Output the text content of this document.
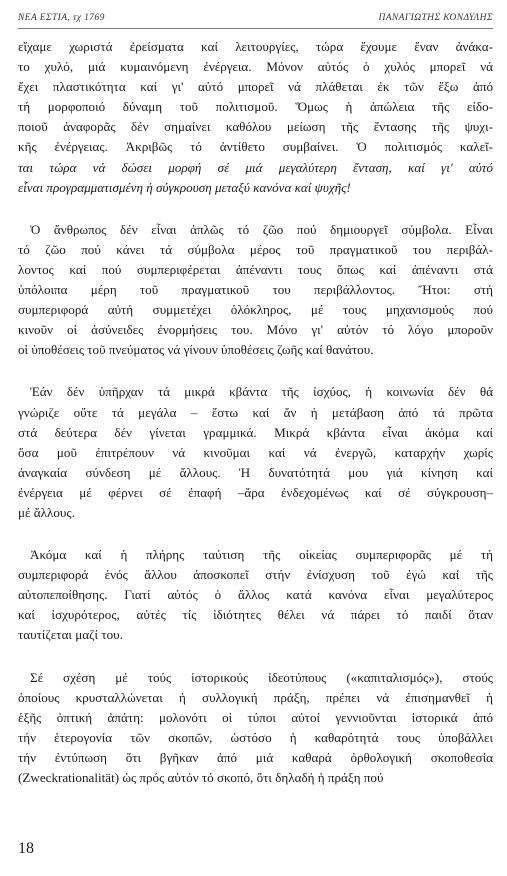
ΝΕΑ ΕΣΤΙΑ, τχ 1769	ΠΑΝΑΓΙΩΤΗΣ ΚΟΝΔΥΛΗΣ
εἴχαμε χωριστά ἐρείσματα καί λειτουργίες, τώρα ἔχουμε ἕναν ἀνάκα-
το χυλό, μιά κυμαινόμενη ἐνέργεια. Μόνον αὐτός ὁ χυλός μπορεῖ νά
ἔχει πλαστικότητα καί γι' αὐτό μπορεῖ νά πλάθεται ἐκ τῶν ἔξω ἀπό
τή μορφοποιό δύναμη τοῦ πολιτισμοῦ. Ὅμως ἡ ἀπώλεια τῆς εἰδο-
ποιοῦ ἀναφορᾶς δέν σημαίνει καθόλου μείωση τῆς ἔντασης τῆς ψυχι-
κῆς ἐνέργειας. Ἀκριβῶς τό ἀντίθετο συμβαίνει. Ὁ πολιτισμός καλεῖ-
ται τώρα νά δώσει μορφή σέ μιά μεγαλύτερη ἔνταση, καί γι' αὐτό
εἶναι προγραμματισμένη ἡ σύγκρουση μεταξύ κανόνα καί ψυχῆς!
Ὁ ἄνθρωπος δέν εἶναι ἁπλῶς τό ζῶο πού δημιουργεῖ σύμβολα. Εἶναι
τό ζῶο πού κάνει τά σύμβολα μέρος τοῦ πραγματικοῦ του περιβάλ-
λοντος καί πού συμπεριφέρεται ἀπέναντι τους ὅπως καί ἀπέναντι στά
ὑπόλοιπα μέρη τοῦ πραγματικοῦ του περιβάλλοντος. Ἤτοι: στή
συμπεριφορά αὐτή συμμετέχει ὁλόκληρος, μέ τους μηχανισμούς πού
κινοῦν οἱ ἀσύνειδες ἐνορμήσεις του. Μόνο γι' αὐτόν τό λόγο μποροῦν
οἱ ὑποθέσεις τοῦ πνεύματος νά γίνουν ὑποθέσεις ζωῆς καί θανάτου.
Ἐάν δέν ὑπῆρχαν τά μικρά κβάντα τῆς ἰσχύος, ἡ κοινωνία δέν θά
γνώριζε οὔτε τά μεγάλα – ἔστω καί ἄν ἡ μετάβαση ἀπό τά πρῶτα
στά δεύτερα δέν γίνεται γραμμικά. Μικρά κβάντα εἶναι ἀκόμα καί
ὅσα μοῦ ἐπιτρέπουν νά κινοῦμαι καί νά ἐνεργῶ, καταρχήν χωρίς
ἀναγκαία σύνδεση μέ ἄλλους. Ἡ δυνατότητά μου γιά κίνηση καί
ἐνέργεια μέ φέρνει σέ ἐπαφή –ἄρα ἐνδεχομένως καί σέ σύγκρουση–
μέ ἄλλους.
Ἀκόμα καί ἡ πλήρης ταύτιση τῆς οἰκείας συμπεριφορᾶς μέ τή
συμπεριφορά ἑνός ἄλλου ἀποσκοπεῖ στήν ἐνίσχυση τοῦ ἐγώ καί τῆς
αὐτοπεποίθησης. Γιατί αὐτός ὁ ἄλλος κατά κανόνα εἶναι μεγαλύτερος
καί ἰσχυρότερος, αὐτές τίς ἰδιότητες θέλει νά πάρει τό παιδί ὅταν
ταυτίζεται μαζί του.
Σέ σχέση μέ τούς ἱστορικούς ἰδεοτύπους («καπιταλισμός»), στούς
ὁποίους κρυσταλλώνεται ἡ συλλογική πράξη, πρέπει νά ἐπισημανθεῖ ἡ
ἑξῆς ὀπτική ἀπάτη: μολονότι οἱ τύποι αὐτοί γεννιοῦνται ἱστορικά ἀπό
τήν ἑτερογονία τῶν σκοπῶν, ὡστόσο ἡ καθαρότητά τους ὑποβάλλει
τήν ἐντύπωση ὅτι βγῆκαν ἀπό μιά καθαρά ὀρθολογική σκοποθεσία
(Zweckrationalität) ὡς πρός αὐτόν τό σκοπό, ὅτι δηλαδή ἡ πράξη πού
18
